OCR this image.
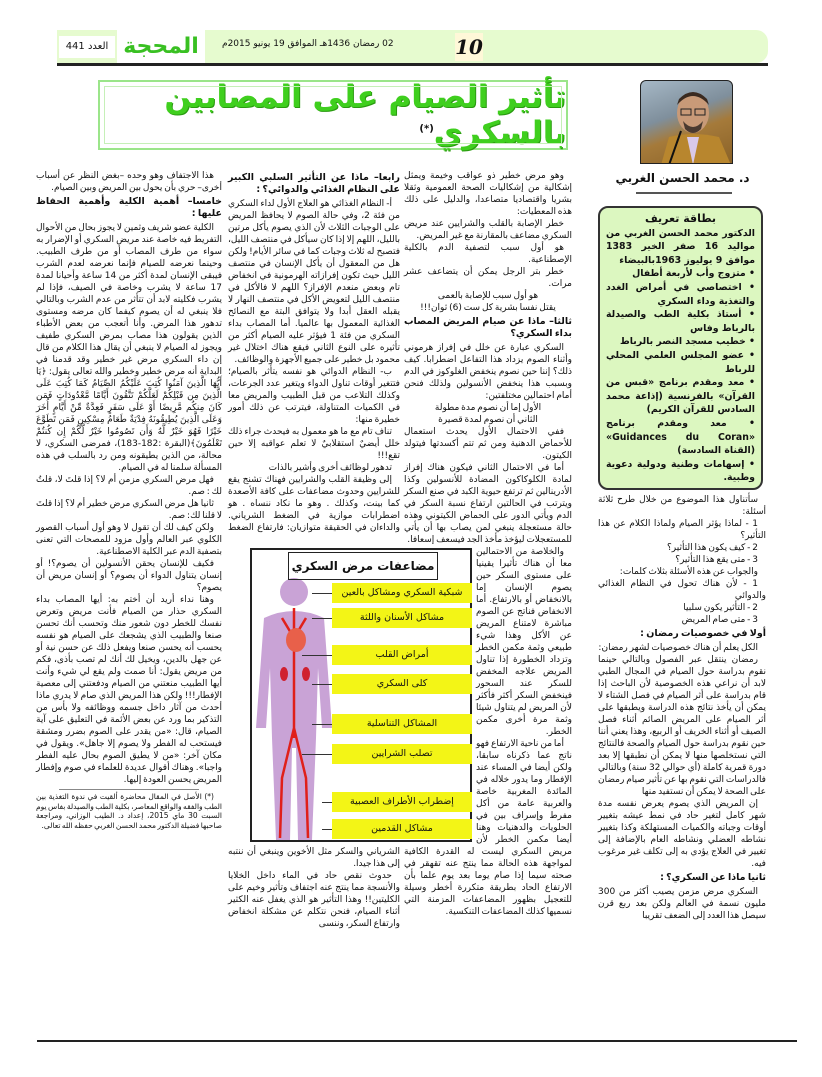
العدد 441 المحجة	02 رمضان 1436هـ الموافق 19 يونيو 2015م	10
تأثير الصيام على المصابين بالسكري(*)
د. محمد الحسن الغربي
بطاقة تعريف
الدكتور محمد الحسن الغربي من مواليد 16 صفر الخير 1383 موافق 9 يوليوز 1963بالبيضاء
• متزوج وأب لأربعة أطفال
• اختصاصي في أمراض الغدد والتغذية وداء السكري
• أستاذ بكلية الطب والصيدلة بالرباط وفاس
• خطيب مسجد النصر بالرباط
• عضو المجلس العلمي المحلي للرباط
• معد ومقدم برنامج «قبس من القرآن» بالفرنسية (إذاعة محمد السادس للقرآن الكريم)
• معد ومقدم برنامج «Guidances du Coran» (القناة السادسة)
• إسهامات وطنية ودولية دعوية وطبية.

سأتناول هذا الموضوع من خلال طرح ثلاثة أسئلة:

1 - لماذا يؤثر الصيام ولماذا الكلام عن هذا التأثير؟

2 - كيف يكون هذا التأثير؟

3 - متى يقع هذا التأثير؟

والجواب عن هذه الأسئلة بثلاث كلمات:

1 - لأن هناك تحول في النظام الغذائي والدوائي

2 - التأثير يكون سلبيا

3 - متى صام المريض

أولا في خصوصيات رمضان :

الكل يعلم أن هناك خصوصيات لشهر رمضان:

رمضان ينتقل عبر الفصول وبالتالي حينما نقوم بدراسة حول الصيام في المجال الطبي لابد أن نراعي هذه الخصوصية لأن الباحث إذا قام بدراسة على أثر الصيام في فصل الشتاء لا يمكن أن يأخذ نتائج هذه الدراسة ويطبقها على أثر الصيام على المريض الصائم أثناء فصل الصيف أو أثناء الخريف أو الربيع، وهذا يعني أننا حين نقوم بدراسة حول الصيام والصحة فالنتائج التي نستخلصها منها لا يمكن أن نطبقها إلا بعد دورة قمرية كاملة (أي حوالي 32 سنة) وبالتالي فالدراسات التي نقوم بها عن تأثير صيام رمضان على الصحة لا يمكن أن نستفيد منها

إن المريض الذي يصوم يعرض نفسه مدة شهر كامل لتغير حاد في نمط عيشه بتغيير أوقات وجباته والكميات المستهلكة وكذا بتغيير نشاطه العضلي ونشاطه العام بالإضافة إلى تغيير في العلاج يؤدي به إلى تكلف غير مرغوب فيه.

ثانيا ماذا عن السكري؟ :

السكري مرض مزمن يصيب أكثر من 300 مليون نسمة في العالم ولكن بعد ربع قرن سيصل هذا العدد إلى الضعف تقريبا

وهو مرض خطير ذو عواقب وخيمة ويمثل إشكالية من إشكاليات الصحة العمومية وثقلا بشريا واقتصاديا متصاعدا، والدليل على ذلك هذه المعطيات:

خطر الإصابة بالقلب والشرايين عند مريض السكري مضاعف بالمقارنة مع غير المريض.

هو أول سبب لتصفية الدم بالكلية الإصطناعية.

خطر بتر الرجل يمكن أن يتضاعف عشر مرات.

هو أول سبب للإصابة بالعمى

يقتل نفسا بشرية كل ست (6) ثوان!!!

ثالثا– ماذا عن صيام المريض المصاب بداء السكري؟

السكري عبارة عن خلل في إفراز هرموني وأثناء الصوم يزداد هذا التفاعل اضطرابا. كيف ذلك؟ إننا حين نصوم ينخفض الغلوكوز في الدم وبسبب هذا ينخفض الأنسولين ولذلك فنحن أمام احتمالين مختلفتين:

الأول إما أن نصوم مدة مطولة

الثاني أن نصوم لمدة قصيرة

ففي الاحتمال الأول يحدث استعمال للأحماض الدهنية ومن ثم تتم أكسدتها فيتولد الكيتون.

أما في الاحتمال الثاني فيكون هناك إفراز لمادة الكلوكاكون المضادة للأنسولين وكذا الأدرينالين ثم ترتفع حيوية الكبد في صنع السكر ويترتب في الحالتين ارتفاع نسبة السكر في الدم ويأتي الدور على الحماض الكيتوني وهذه حالة مستعجلة ينبغي لمن يصاب بها أن يأتي للمستعجلات ليؤخذ مأخذ الجد فيسعف إسعافا.

والخلاصة من الاحتمالين معا أن هناك تأثيرا يقينيا على مستوى السكر حين يصوم الإنسان إما بالانخفاض أو بالارتفاع. أما الانخفاض فناتج عن الصوم مباشرة لامتناع المريض عن الأكل وهذا شيء طبيعي وثمة مكمن الخطر وتزداد الخطورة إذا تناول المريض علاجه المخفض للسكر عند السحور فينخفض السكر أكثر فأكثر لأن المريض لم يتناول شيئا وثمة مرة أخرى مكمن الخطر.

أما من ناحية الارتفاع فهو ناتج عما ذكرناه سابقا، ولكن أيضا في المساء عند الإفطار وما يدور خلاله في المائدة المغربية خاصة والعربية عامة من أكل مفرط وإسراف بين في الحلويات والدهنيات وهنا أيضا مكمن الخطر لأن مريض السكري ليست له القدرة الكافية لمواجهة هذه الحالة مما ينتج عنه تقهقر في صحته سيما إذا صام يوما بعد يوم علما بأن الارتفاع الحاد بطريقة متكررة أخطر وسيلة للتعجيل بظهور المضاعفات المزمنة التي نسميها كذلك المضاعفات التنكسية.

رابعا– ماذا عن التأثير السلبي الكبير على النظام الغذائي والدوائي؟ :

أ- النظام الغذائي هو العلاج الأول لداء السكري من فئة 2، وفي حالة الصوم لا يحافظ المريض على الوجبات الثلاث لأن الذي يصوم يأكل مرتين بالليل، اللهم إلا إذا كان سيأكل في منتصف الليل، فتصبح له ثلاث وجبات كما في سائر الأيام! ولكن هل من المعقول أن يأكل الإنسان في منتصف الليل حيث تكون إفرازاته الهرمونية في انخفاض تام وبعض منعدم الإفراز؟ اللهم لا فالأكل في منتصف الليل لتعويض الأكل في منتصف النهار لا يقبله العقل أبدا ولا يتوافق البتة مع النصائح الغذائية المعمول بها عالميا. أما المصاب بداء السكري من فئة 1 فيؤثر عليه الصيام أكثر من تأثيره على النوع الثاني فيقع هناك اختلال غير محمود بل خطير على جميع الأجهزة والوظائف.

ب- النظام الدوائي هو نفسه يتأثر بالصيام؛ فتتغير أوقات تناول الدواء ويتغير عدد الجرعات، وكذلك التلاعب من قبل الطبيب والمريض معا في الكميات المتناولة، فيترتب عن ذلك أمور خطيرة منها:

تناف تام مع ما هو معمول به فيحدث جراء ذلك خلل أيضيٌ استقلابيٌ لا تعلم عواقبه إلا حين تقع!!!

تدهور لوظائف أخرى وأشير بالذات

إلى وظيفة القلب والشرايين فهناك تشنج يقع للشرايين وحدوث مضاعفات على كافة الأصعدة كما بينت، وكذلك . وهو ما نكاد ننساه . هو اضطرابات موازية في الضغط الشرياني. والداءان في الحقيقة متوازيان: فارتفاع الضغط الشرياني والسكر مثل الأخوين وينبغي أن ننتبه إلى هذا جيدا.

حدوث نقص حاد في الماء داخل الخلايا والأنسجة مما ينتج عنه اجتفاف وتأثير وخيم على الكليتين!! وهذا التأثير هو الذي يغفل عنه الكثير أثناء الصيام، فنحن نتكلم عن مشكلة انخفاض وارتفاع السكر، وننسى

مضاعفات مرض السكري
شبكية السكري ومشاكل بالعين
مشاكل الأسنان واللثة
أمراض القلب
كلى السكري
المشاكل التناسلية
تصلب الشرايين
إضطراب الأطراف العصبية
مشاكل القدمين

هذا الاجتفاف وهو وحده –بغض النظر عن أسباب أخرى– حري بأن يحول بين المريض وبين الصيام.

خامسا– أهمية الكلية وأهمية الحفاظ عليها :

الكلية عضو شريف وثمين لا يجوز بحال من الأحوال التفريط فيه خاصة عند مريض السكري أو الإضرار به سواء من طرف المصاب أو من طرف الطبيب. وحينما نعرضه للصيام فإنما نعرضه لعدم الشرب فيبقى الإنسان لمدة أكثر من 14 ساعة وأحيانا لمدة 17 ساعة لا يشرب وخاصة في الصيف، فإذا لم يشرب فكليته لابد أن تتأثر من عدم الشرب وبالتالي فلا ينبغي له أن يصوم كيفما كان مرضه ومستوى تدهور هذا المرض. وأنا أتعجب من بعض الأطباء الذين يقولون هذا مصاب بمرض السكري طفيف ويجوز له الصيام لا ينبغي أن يقال هذا الكلام من قال إن داء السكري مرض غير خطير وقد قدمنا في البداية أنه مرض خطير وخطير والله تعالى يقول: ﴿يَا أَيُّهَا الَّذِينَ آمَنُوا كُتِبَ عَلَيْكُمُ الصِّيَامُ كَمَا كُتِبَ عَلَى الَّذِينَ مِن قَبْلِكُمْ لَعَلَّكُمْ تَتَّقُونَ أَيَّامًا مَّعْدُودَاتٍ فَمَن كَانَ مِنكُم مَّرِيضًا أَوْ عَلَى سَفَرٍ فَعِدَّةٌ مِّنْ أَيَّامٍ أُخَرَ وَعَلَى الَّذِينَ يُطِيقُونَهُ فِدْيَةٌ طَعَامُ مِسْكِينٍ فَمَن تَطَوَّعَ خَيْرًا فَهُوَ خَيْرٌ لَّهُ وَأَن تَصُومُوا خَيْرٌ لَّكُمْ إِن كُنتُمْ تَعْلَمُونَ﴾(البقرة :182-183)، فمرضى السكري، لا محالة، من الذين يطيقونه ومن رد بالسلب في هذه المسألة سلمنا له في الصيام.

فهل مرض السكري مزمن أم لا؟ إذا قلتَ لا، قلتُ لك : صم.

ثانيا هل مرض السكري مرض خطير أم لا؟ إذا قلتَ لا قلنا لك: صم.

ولكن كيف لك أن تقول لا وهو أول أسباب القصور الكلوي عبر العالم وأول مزود للمصحات التي تعنى بتصفية الدم عبر الكلية الاصطناعية.

فكيف للإنسان يحقن الأنسولين أن يصوم؟! أو إنسان يتناول الدواء أن يصوم؟ أو إنسان مريض أن يصوم؟

وهنا نداء أريد أن أختم به: أيها المصاب بداء السكري حذار من الصيام فأنت مريض وتعرض نفسك للخطر دون شعور منك وتحسب أنك تحسن صنعا والطبيب الذي يشجعك على الصيام هو نفسه يحسب أنه يحسن صنعا ويفعل ذلك عن حسن نية أو عن جهل بالدين، ويخيل لك أنك لم تصب بأذى، فكم من مريض يقول: أنا صمت ولم يقع لي شيء وأنت أيها الطبيب منعتني من الصيام ودفعتني إلى معصية الإفطار!!! ولكن هذا المريض الذي صام لا يدري ماذا أحدث من آثار داخل جسمه ووظائفه ولا بأس من التذكير بما ورد عن بعض الأئمة في التعليق على آية الصيام، قال: «من يقدر على الصوم بضرر ومشقة فيستحب له الفطر ولا يصوم إلا جاهل». ويقول في مكان آخر: «من لا يطيق الصوم بحال عليه الفطر واجبا». وهناك أقوال عديدة للعلماء في صوم وإفطار المريض يحسن العودة إليها.

(*) الأصل في المقال محاضرة ألقيت في ندوة التغذية بين الطب والفقه والواقع المعاصر، بكلية الطب والصيدلة بفاس يوم السبت 30 ماي 2015، إعداد د. الطيب الوزاني، ومراجعة صاحبها فضيلة الدكتور محمد الحسن الغربي حفظه الله تعالى.
